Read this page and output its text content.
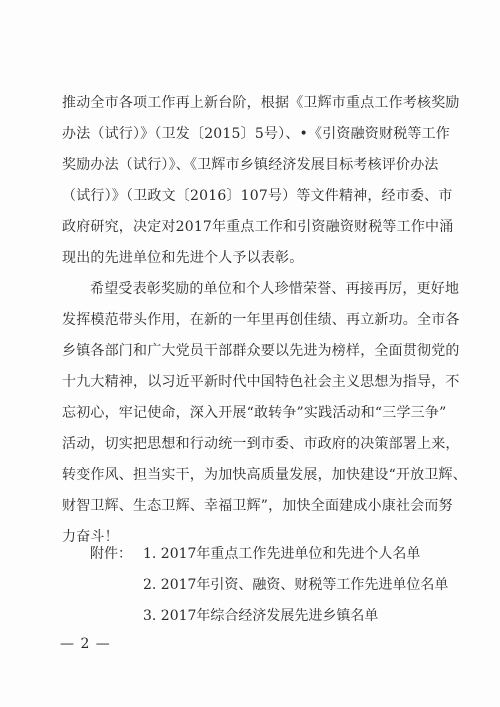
推动全市各项工作再上新台阶，根据《卫辉市重点工作考核奖励
办法（试行）》（卫发〔2015〕5号）、•《引资融资财税等工作
奖励办法（试行）》、《卫辉市乡镇经济发展目标考核评价办法
（试行）》（卫政文〔2016〕107号）等文件精神，经市委、市
政府研究，决定对2017年重点工作和引资融资财税等工作中涌
现出的先进单位和先进个人予以表彰。
希望受表彰奖励的单位和个人珍惜荣誉、再接再厉，更好地
发挥模范带头作用，在新的一年里再创佳绩、再立新功。全市各
乡镇各部门和广大党员干部群众要以先进为榜样，全面贯彻党的
十九大精神，以习近平新时代中国特色社会主义思想为指导，不
忘初心，牢记使命，深入开展“敢转争”实践活动和“三学三争”
活动，切实把思想和行动统一到市委、市政府的决策部署上来，
转变作风、担当实干，为加快高质量发展，加快建设“开放卫辉、
财智卫辉、生态卫辉、幸福卫辉”，加快全面建成小康社会而努
力奋斗！
附件： 1. 2017年重点工作先进单位和先进个人名单
2. 2017年引资、融资、财税等工作先进单位名单
3. 2017年综合经济发展先进乡镇名单
— 2 —
